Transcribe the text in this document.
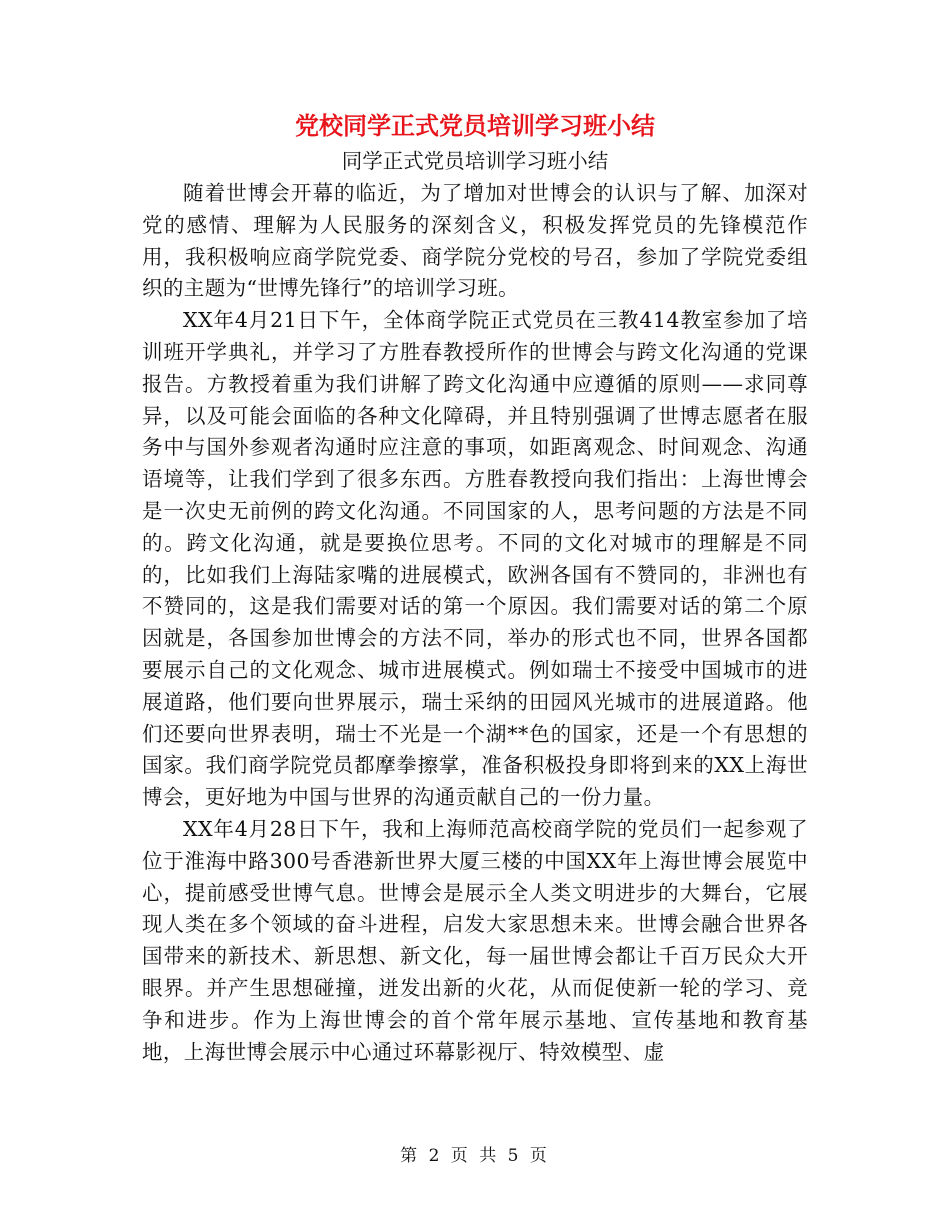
党校同学正式党员培训学习班小结

同学正式党员培训学习班小结

随着世博会开幕的临近，为了增加对世博会的认识与了解、加深对党的感情、理解为人民服务的深刻含义，积极发挥党员的先锋模范作用，我积极响应商学院党委、商学院分党校的号召，参加了学院党委组织的主题为“世博先锋行”的培训学习班。

XX年4月21日下午，全体商学院正式党员在三教414教室参加了培训班开学典礼，并学习了方胜春教授所作的世博会与跨文化沟通的党课报告。方教授着重为我们讲解了跨文化沟通中应遵循的原则——求同尊异，以及可能会面临的各种文化障碍，并且特别强调了世博志愿者在服务中与国外参观者沟通时应注意的事项，如距离观念、时间观念、沟通语境等，让我们学到了很多东西。方胜春教授向我们指出：上海世博会是一次史无前例的跨文化沟通。不同国家的人，思考问题的方法是不同的。跨文化沟通，就是要换位思考。不同的文化对城市的理解是不同的，比如我们上海陆家嘴的进展模式，欧洲各国有不赞同的，非洲也有不赞同的，这是我们需要对话的第一个原因。我们需要对话的第二个原因就是，各国参加世博会的方法不同，举办的形式也不同，世界各国都要展示自己的文化观念、城市进展模式。例如瑞士不接受中国城市的进展道路，他们要向世界展示，瑞士采纳的田园风光城市的进展道路。他们还要向世界表明，瑞士不光是一个湖**色的国家，还是一个有思想的国家。我们商学院党员都摩拳擦掌，准备积极投身即将到来的XX上海世博会，更好地为中国与世界的沟通贡献自己的一份力量。

XX年4月28日下午，我和上海师范高校商学院的党员们一起参观了位于淮海中路300号香港新世界大厦三楼的中国XX年上海世博会展览中心，提前感受世博气息。世博会是展示全人类文明进步的大舞台，它展现人类在多个领域的奋斗进程，启发大家思想未来。世博会融合世界各国带来的新技术、新思想、新文化，每一届世博会都让千百万民众大开眼界。并产生思想碰撞，迸发出新的火花，从而促使新一轮的学习、竞争和进步。作为上海世博会的首个常年展示基地、宣传基地和教育基地，上海世博会展示中心通过环幕影视厅、特效模型、虚

第 2 页 共 5 页
